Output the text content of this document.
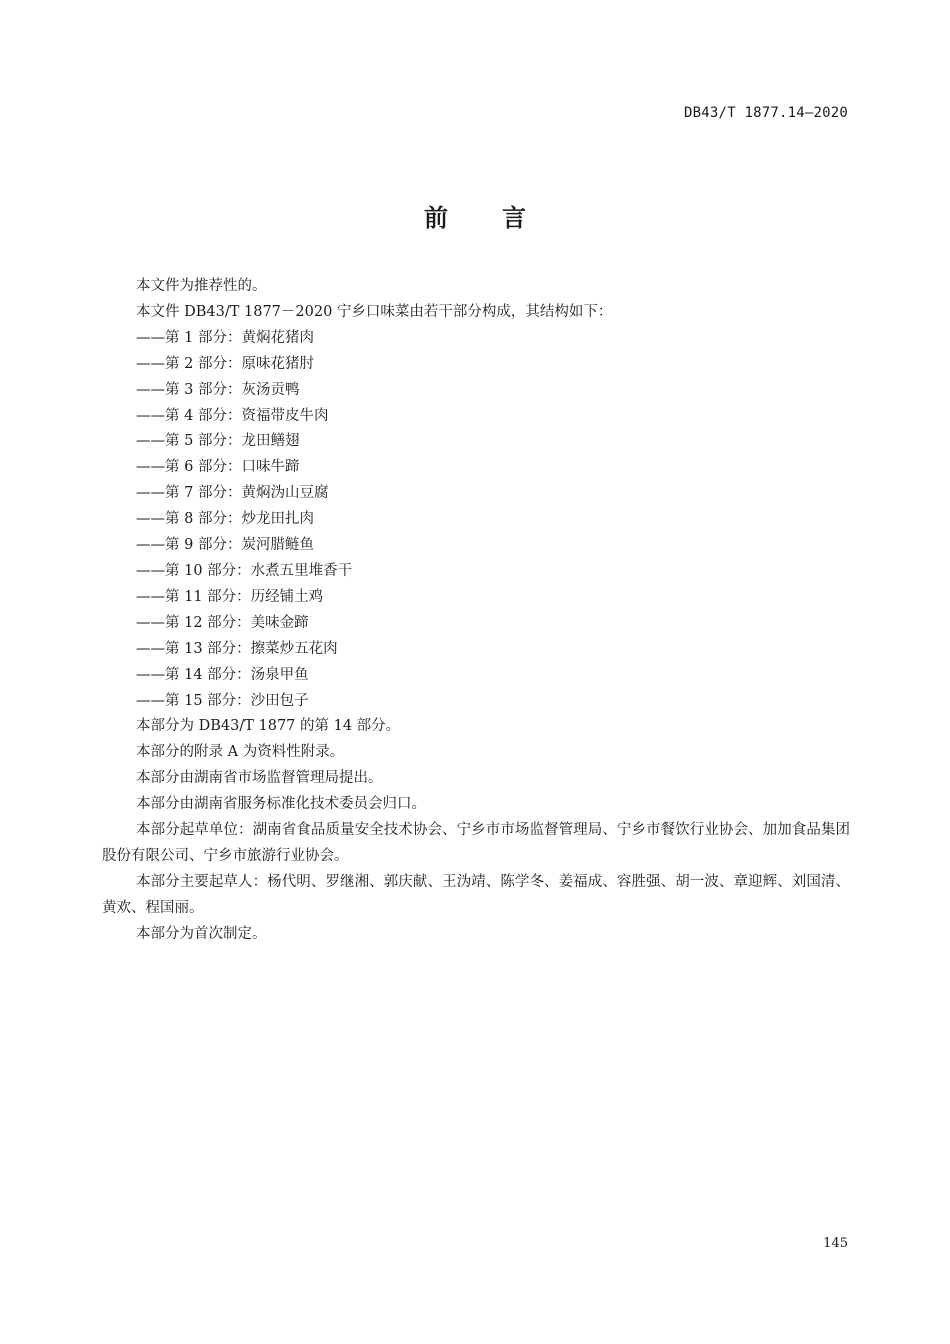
DB43/T 1877.14—2020
前 言

本文件为推荐性的。

本文件 DB43/T 1877－2020 宁乡口味菜由若干部分构成，其结构如下：

——第 1 部分：黄焖花猪肉

——第 2 部分：原味花猪肘

——第 3 部分：灰汤贡鸭

——第 4 部分：资福带皮牛肉

——第 5 部分：龙田鳝翅

——第 6 部分：口味牛蹄

——第 7 部分：黄焖沩山豆腐

——第 8 部分：炒龙田扎肉

——第 9 部分：炭河腊鲢鱼

——第 10 部分：水煮五里堆香干

——第 11 部分：历经铺土鸡

——第 12 部分：美味金蹄

——第 13 部分：擦菜炒五花肉

——第 14 部分：汤泉甲鱼

——第 15 部分：沙田包子

本部分为 DB43/T 1877 的第 14 部分。

本部分的附录 A 为资料性附录。

本部分由湖南省市场监督管理局提出。

本部分由湖南省服务标准化技术委员会归口。

本部分起草单位：湖南省食品质量安全技术协会、宁乡市市场监督管理局、宁乡市餐饮行业协会、加加食品集团股份有限公司、宁乡市旅游行业协会。

本部分主要起草人：杨代明、罗继湘、郭庆献、王沩靖、陈学冬、姜福成、容胜强、胡一波、章迎辉、刘国清、黄欢、程国丽。

本部分为首次制定。

145
